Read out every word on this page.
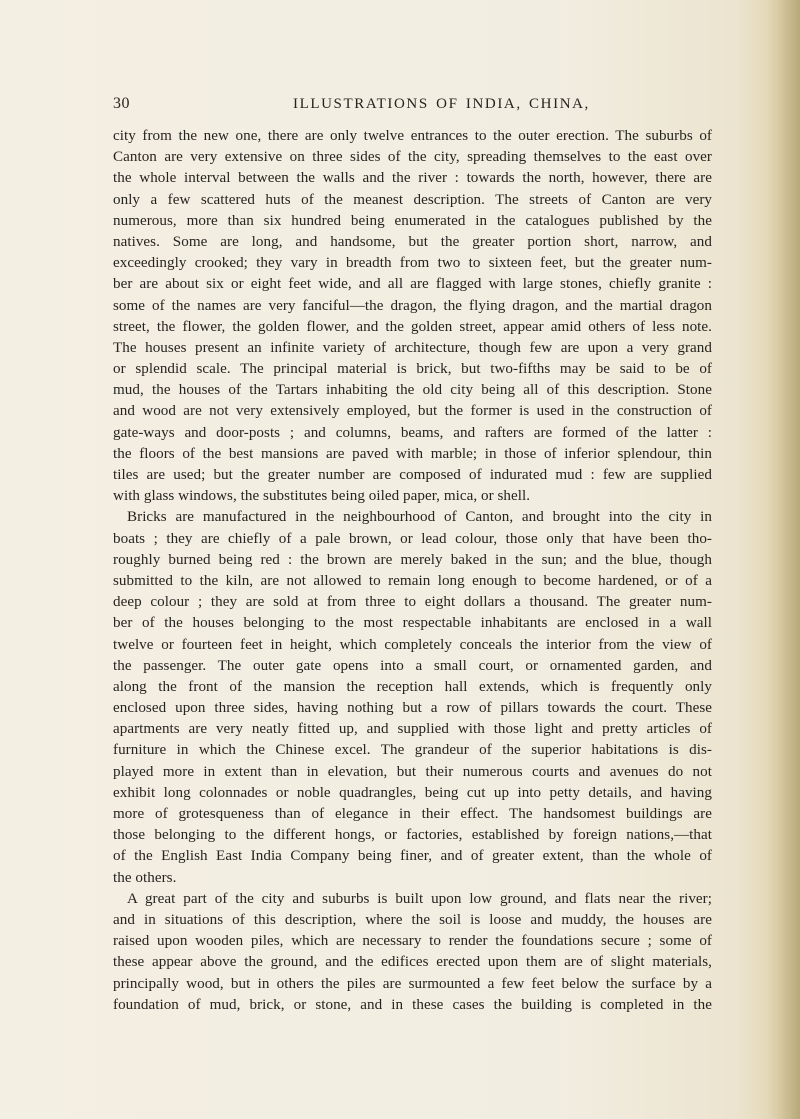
30	ILLUSTRATIONS OF INDIA, CHINA,
city from the new one, there are only twelve entrances to the outer erection. The suburbs of
Canton are very extensive on three sides of the city, spreading themselves to the east over
the whole interval between the walls and the river : towards the north, however, there are
only a few scattered huts of the meanest description. The streets of Canton are very
numerous, more than six hundred being enumerated in the catalogues published by the
natives. Some are long, and handsome, but the greater portion short, narrow, and
exceedingly crooked; they vary in breadth from two to sixteen feet, but the greater num-
ber are about six or eight feet wide, and all are flagged with large stones, chiefly granite :
some of the names are very fanciful—the dragon, the flying dragon, and the martial dragon
street, the flower, the golden flower, and the golden street, appear amid others of less note.
The houses present an infinite variety of architecture, though few are upon a very grand
or splendid scale. The principal material is brick, but two-fifths may be said to be of
mud, the houses of the Tartars inhabiting the old city being all of this description. Stone
and wood are not very extensively employed, but the former is used in the construction of
gate-ways and door-posts ; and columns, beams, and rafters are formed of the latter :
the floors of the best mansions are paved with marble; in those of inferior splendour, thin
tiles are used; but the greater number are composed of indurated mud : few are supplied
with glass windows, the substitutes being oiled paper, mica, or shell.
Bricks are manufactured in the neighbourhood of Canton, and brought into the city in
boats ; they are chiefly of a pale brown, or lead colour, those only that have been tho-
roughly burned being red : the brown are merely baked in the sun; and the blue, though
submitted to the kiln, are not allowed to remain long enough to become hardened, or of a
deep colour ; they are sold at from three to eight dollars a thousand. The greater num-
ber of the houses belonging to the most respectable inhabitants are enclosed in a wall
twelve or fourteen feet in height, which completely conceals the interior from the view of
the passenger. The outer gate opens into a small court, or ornamented garden, and
along the front of the mansion the reception hall extends, which is frequently only
enclosed upon three sides, having nothing but a row of pillars towards the court. These
apartments are very neatly fitted up, and supplied with those light and pretty articles of
furniture in which the Chinese excel. The grandeur of the superior habitations is dis-
played more in extent than in elevation, but their numerous courts and avenues do not
exhibit long colonnades or noble quadrangles, being cut up into petty details, and having
more of grotesqueness than of elegance in their effect. The handsomest buildings are
those belonging to the different hongs, or factories, established by foreign nations,—that
of the English East India Company being finer, and of greater extent, than the whole of
the others.
A great part of the city and suburbs is built upon low ground, and flats near the river;
and in situations of this description, where the soil is loose and muddy, the houses are
raised upon wooden piles, which are necessary to render the foundations secure ; some of
these appear above the ground, and the edifices erected upon them are of slight materials,
principally wood, but in others the piles are surmounted a few feet below the surface by a
foundation of mud, brick, or stone, and in these cases the building is completed in the
